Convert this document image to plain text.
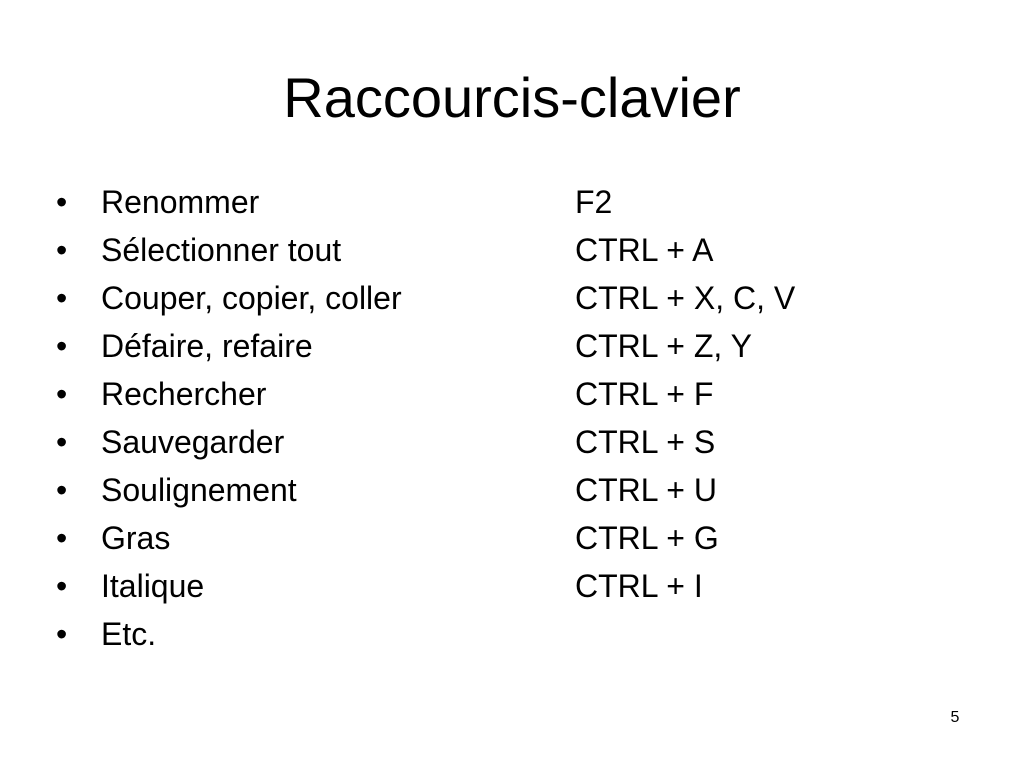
Raccourcis-clavier
•	Renommer	F2
•	Sélectionner tout	CTRL + A
•	Couper, copier, coller	CTRL + X, C, V
•	Défaire, refaire	CTRL + Z, Y
•	Rechercher	CTRL + F
•	Sauvegarder	CTRL + S
•	Soulignement	CTRL + U
•	Gras	CTRL + G
•	Italique	CTRL + I
•	Etc.
5
